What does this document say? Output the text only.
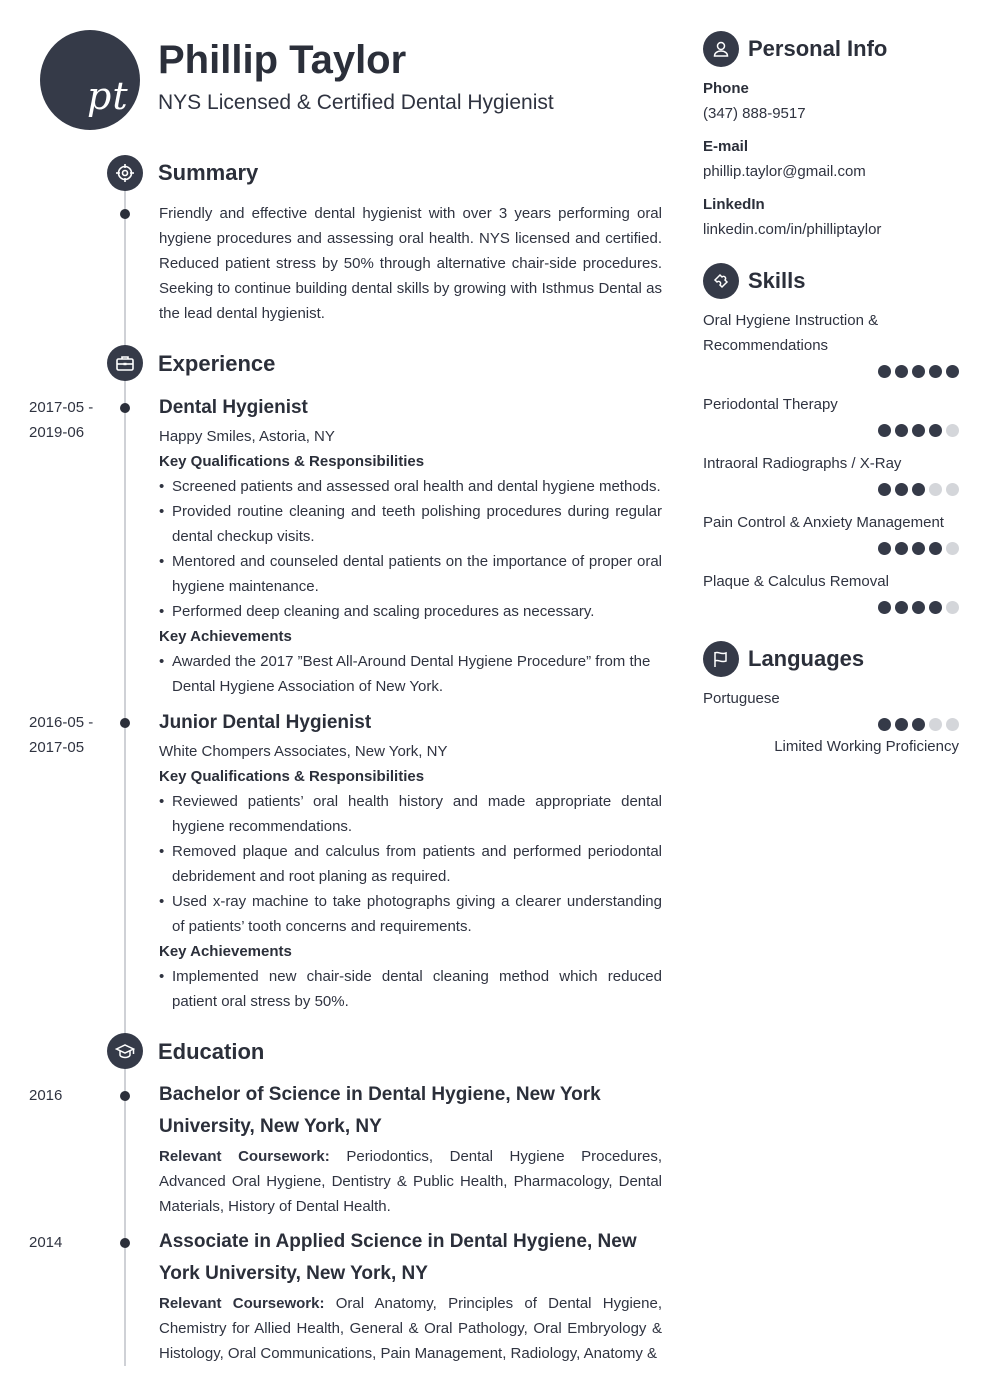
pt
Phillip Taylor
NYS Licensed & Certified Dental Hygienist
Summary
Friendly and effective dental hygienist with over 3 years performing oral hygiene procedures and assessing oral health. NYS licensed and certified. Reduced patient stress by 50% through alternative chair-side procedures. Seeking to continue building dental skills by growing with Isthmus Dental as the lead dental hygienist.
Experience
2017-05 -
2019-06
Dental Hygienist
Happy Smiles, Astoria, NY
Key Qualifications & Responsibilities
• Screened patients and assessed oral health and dental hygiene methods.
• Provided routine cleaning and teeth polishing procedures during regular dental checkup visits.
• Mentored and counseled dental patients on the importance of proper oral hygiene maintenance.
• Performed deep cleaning and scaling procedures as necessary.
Key Achievements
• Awarded the 2017 ”Best All-Around Dental Hygiene Procedure” from the Dental Hygiene Association of New York.
2016-05 -
2017-05
Junior Dental Hygienist
White Chompers Associates, New York, NY
Key Qualifications & Responsibilities
• Reviewed patients’ oral health history and made appropriate dental hygiene recommendations.
• Removed plaque and calculus from patients and performed periodontal debridement and root planing as required.
• Used x-ray machine to take photographs giving a clearer understanding of patients’ tooth concerns and requirements.
Key Achievements
• Implemented new chair-side dental cleaning method which reduced patient oral stress by 50%.
Education
2016	Bachelor of Science in Dental Hygiene, New York University, New York, NY
Relevant Coursework: Periodontics, Dental Hygiene Procedures, Advanced Oral Hygiene, Dentistry & Public Health, Pharmacology, Dental Materials, History of Dental Health.
2014	Associate in Applied Science in Dental Hygiene, New York University, New York, NY
Relevant Coursework: Oral Anatomy, Principles of Dental Hygiene, Chemistry for Allied Health, General & Oral Pathology, Oral Embryology & Histology, Oral Communications, Pain Management, Radiology, Anatomy &
Personal Info
Phone
(347) 888-9517
E-mail
phillip.taylor@gmail.com
LinkedIn
linkedin.com/in/philliptaylor
Skills
Oral Hygiene Instruction & Recommendations
Periodontal Therapy
Intraoral Radiographs / X-Ray
Pain Control & Anxiety Management
Plaque & Calculus Removal
Languages
Portuguese
Limited Working Proficiency
